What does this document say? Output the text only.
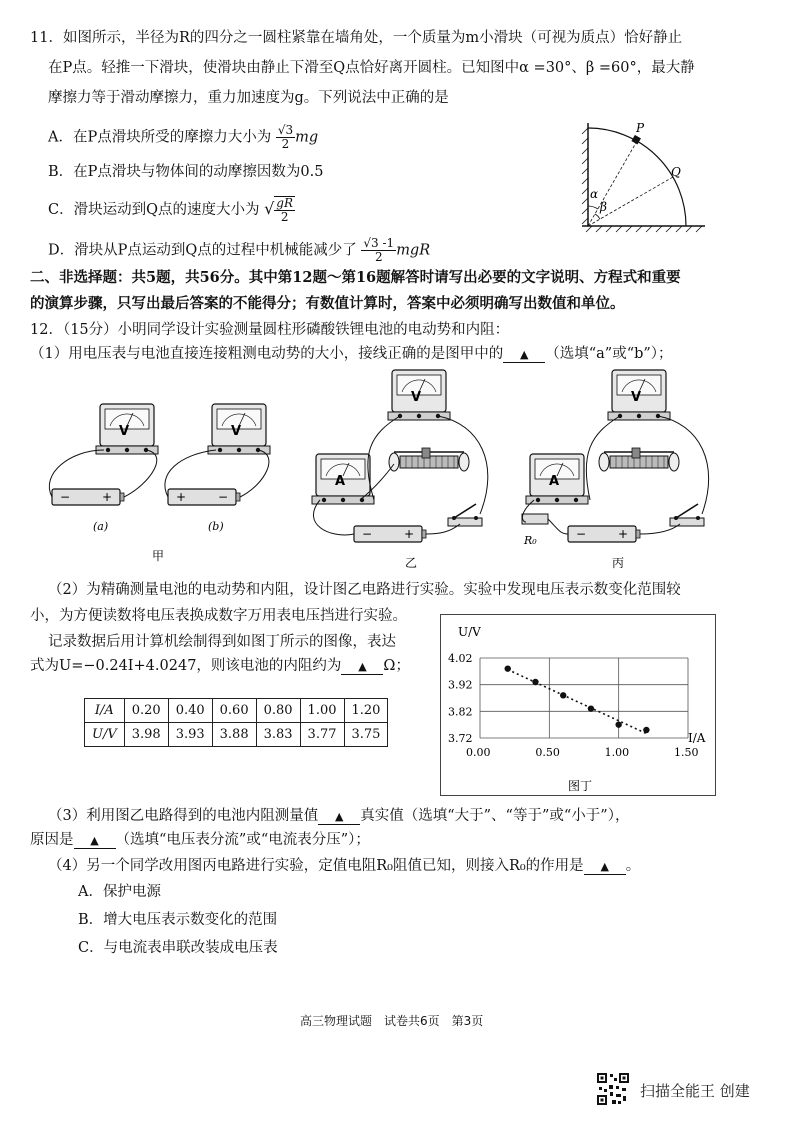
11．如图所示，半径为R的四分之一圆柱紧靠在墙角处，一个质量为m小滑块（可视为质点）恰好静止
在P点。轻推一下滑块，使滑块由静止下滑至Q点恰好离开圆柱。已知图中α =30°、β =60°，最大静
摩擦力等于滑动摩擦力，重力加速度为g。下列说法中正确的是
A．在P点滑块所受的摩擦力大小为 $\frac{√3}{2}$ mg
B．在P点滑块与物体间的动摩擦因数为0.5
C．滑块运动到Q点的速度大小为 √ $\frac{gR}{2}$
D．滑块从P点运动到Q点的过程中机械能减少了 $\frac{√3 -1}{2}$ mgR
P
Q
α
β
二、非选择题：共5题，共56分。其中第12题～第16题解答时请写出必要的文字说明、方程式和重要
的演算步骤，只写出最后答案的不能得分；有数值计算时，答案中必须明确写出数值和单位。
12．（15分）小明同学设计实验测量圆柱形磷酸铁锂电池的电动势和内阻：
（1）用电压表与电池直接连接粗测电动势的大小，接线正确的是图甲中的 ▲ （选填“a”或“b”）；
V
−	+
(a)
V
+	−
(b)
甲
V
A
−	+
乙
V
A
−	+
R₀
丙
（2）为精确测量电池的电动势和内阻，设计图乙电路进行实验。实验中发现电压表示数变化范围较
小，为方便读数将电压表换成数字万用表电压挡进行实验。
记录数据后用计算机绘制得到如图丁所示的图像，表达
式为U=−0.24I+4.0247，则该电池的内阻约为 ▲ Ω；
I/A	0.20	0.40	0.60	0.80	1.00	1.20
U/V	3.98	3.93	3.88	3.83	3.77	3.75
0.00	0.50	1.00	1.50
4.02
3.92
3.82
3.72
U/V
I/A
图丁
（3）利用图乙电路得到的电池内阻测量值 ▲ 真实值（选填“大于”、“等于”或“小于”），
原因是 ▲ （选填“电压表分流”或“电流表分压”）；
（4）另一个同学改用图丙电路进行实验，定值电阻R₀阻值已知，则接入R₀的作用是 ▲ 。
A．保护电源
B．增大电压表示数变化的范围
C．与电流表串联改装成电压表
高三物理试题　试卷共6页　第3页
扫描全能王 创建
